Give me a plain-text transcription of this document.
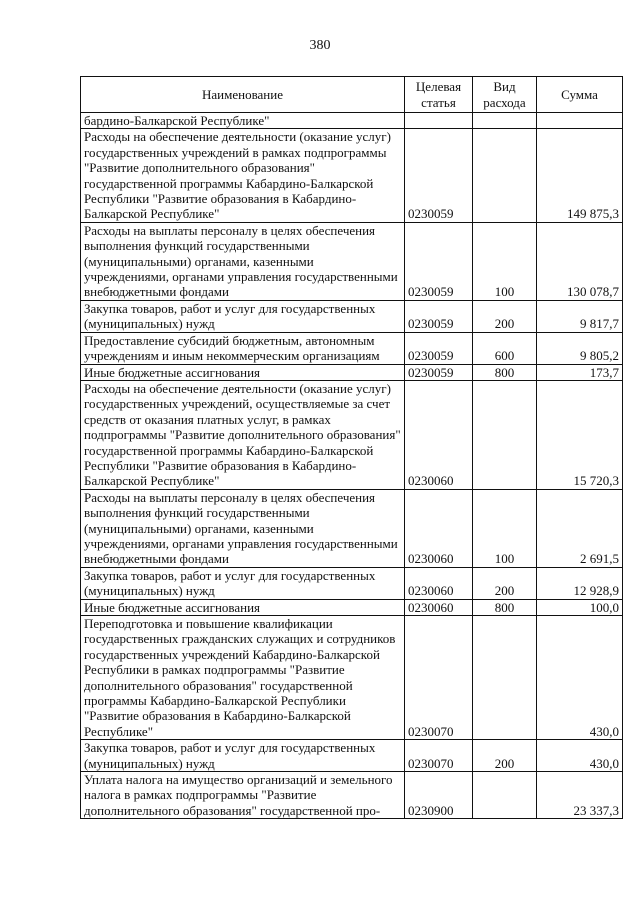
380
Наименование	Целевая статья	Вид расхода	Сумма
бардино-Балкарской Республике"			
Расходы на обеспечение деятельности (оказание услуг) государственных учреждений в рамках подпрограммы "Развитие дополнительного образования" государственной программы Кабардино-Балкарской Республики "Развитие образования в Кабардино-Балкарской Республике"	0230059		149 875,3
Расходы на выплаты персоналу в целях обеспечения выполнения функций государственными (муниципальными) органами, казенными учреждениями, органами управления государственными внебюджетными фондами	0230059	100	130 078,7
Закупка товаров, работ и услуг для государственных (муниципальных) нужд	0230059	200	9 817,7
Предоставление субсидий бюджетным, автономным учреждениям и иным некоммерческим организациям	0230059	600	9 805,2
Иные бюджетные ассигнования	0230059	800	173,7
Расходы на обеспечение деятельности (оказание услуг) государственных учреждений, осуществляемые за счет средств от оказания платных услуг, в рамках подпрограммы "Развитие дополнительного образования" государственной программы Кабардино-Балкарской Республики "Развитие образования в Кабардино-Балкарской Республике"	0230060		15 720,3
Расходы на выплаты персоналу в целях обеспечения выполнения функций государственными (муниципальными) органами, казенными учреждениями, органами управления государственными внебюджетными фондами	0230060	100	2 691,5
Закупка товаров, работ и услуг для государственных (муниципальных) нужд	0230060	200	12 928,9
Иные бюджетные ассигнования	0230060	800	100,0
Переподготовка и повышение квалификации государственных гражданских служащих и сотрудников государственных учреждений Кабардино-Балкарской Республики в рамках подпрограммы "Развитие дополнительного образования" государственной программы Кабардино-Балкарской Республики "Развитие образования в Кабардино-Балкарской Республике"	0230070		430,0
Закупка товаров, работ и услуг для государственных (муниципальных) нужд	0230070	200	430,0
Уплата налога на имущество организаций и земельного налога в рамках подпрограммы "Развитие дополнительного образования" государственной про-	0230900		23 337,3
